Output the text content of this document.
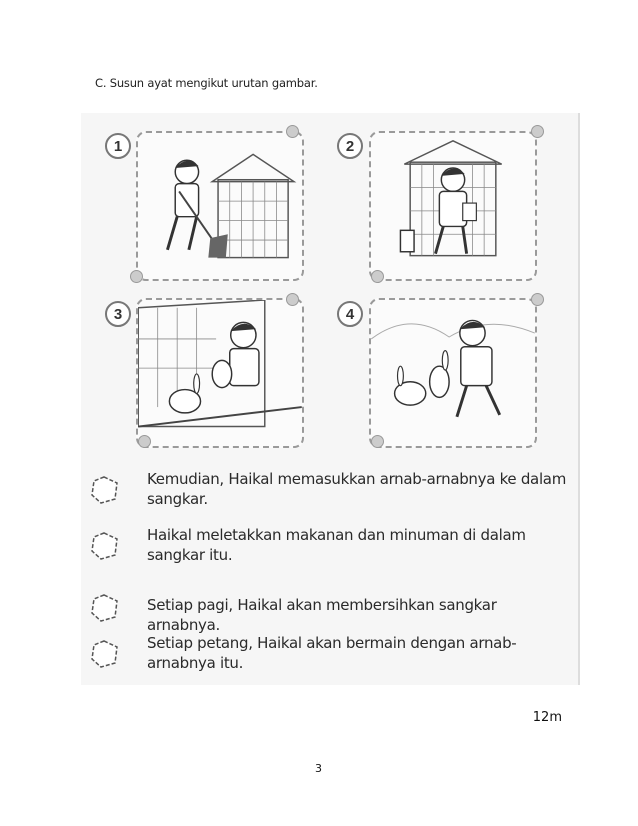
C. Susun ayat mengikut urutan gambar.
1	2
3	4
Kemudian, Haikal memasukkan arnab-arnabnya ke dalam sangkar.
Haikal meletakkan makanan dan minuman di dalam sangkar itu.
Setiap pagi, Haikal akan membersihkan sangkar arnabnya.
Setiap petang, Haikal akan bermain dengan arnab-arnabnya itu.
12m
3
